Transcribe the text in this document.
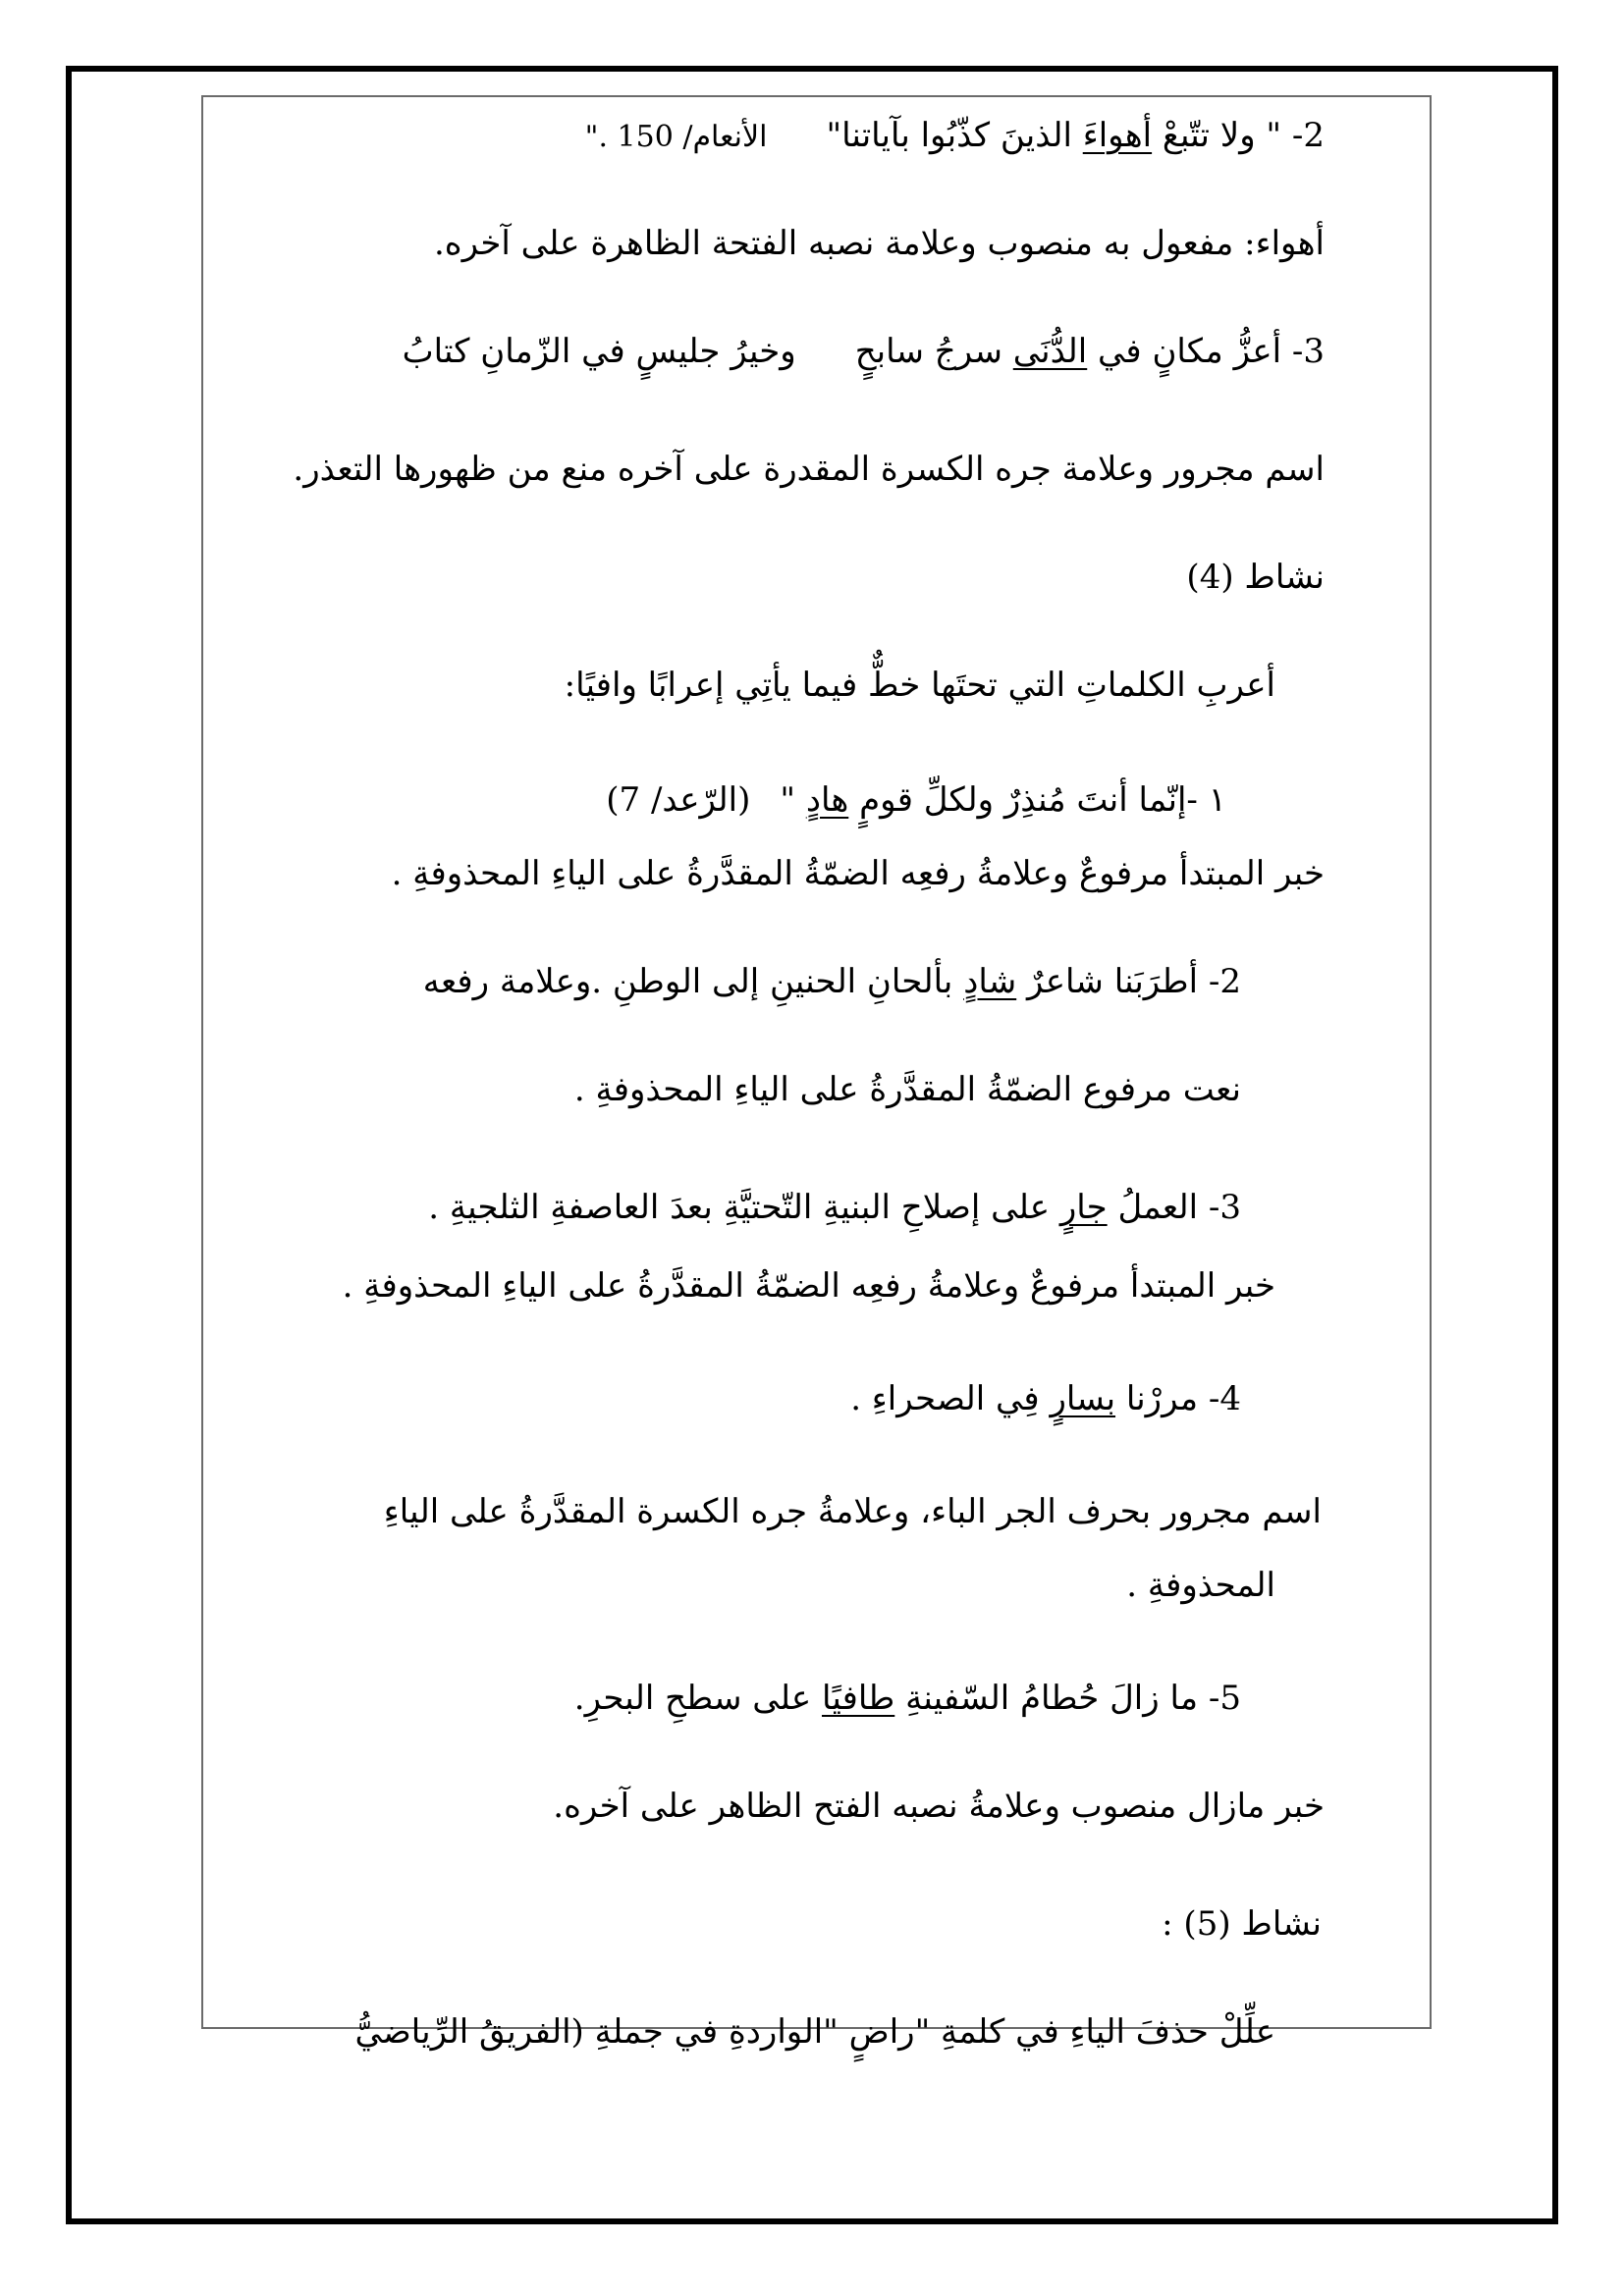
2- " ولا تتّبعْ أهواءَ الذينَ كذّبُوا بآياتنا"الأنعام/ 150 ."
أهواء: مفعول به منصوب وعلامة نصبه الفتحة الظاهرة على آخره.
3- أعزُّ مكانٍ في الدُّنَى سرجُ سابحٍوخيرُ جليسٍ في الزّمانِ كتابُ
اسم مجرور وعلامة جره الكسرة المقدرة على آخره منع من ظهورها التعذر.
نشاط (4)
أعربِ الكلماتِ التي تحتَها خطٌّ فيما يأتِي إعرابًا وافيًا:
١ -إنّما أنتَ مُنذِرٌ ولكلِّ قومٍ هادٍ "(الرّعد/ 7)
خبر المبتدأ مرفوعٌ وعلامةُ رفعِه الضمّةُ المقدَّرةُ على الياءِ المحذوفةِ .
2- أطرَبَنا شاعرٌ شادٍ بألحانِ الحنينِ إلى الوطنِ .وعلامة رفعه
نعت مرفوع الضمّةُ المقدَّرةُ على الياءِ المحذوفةِ .
3- العملُ جارٍ على إصلاحِ البنيةِ التّحتيَّةِ بعدَ العاصفةِ الثلجيةِ .
خبر المبتدأ مرفوعٌ وعلامةُ رفعِه الضمّةُ المقدَّرةُ على الياءِ المحذوفةِ .
4- مررْنا بسارٍ فِي الصحراءِ .
اسم مجرور بحرف الجر الباء، وعلامةُ جره الكسرة المقدَّرةُ على الياءِ
المحذوفةِ .
5- ما زالَ حُطامُ السّفينةِ طافيًا على سطحِ البحرِ.
خبر مازال منصوب وعلامةُ نصبه الفتح الظاهر على آخره.
نشاط (5) :
علِّلْ حذفَ الياءِ في كلمةِ "راضٍ "الواردةِ في جملةِ (الفريقُ الرِّياضيُّ
